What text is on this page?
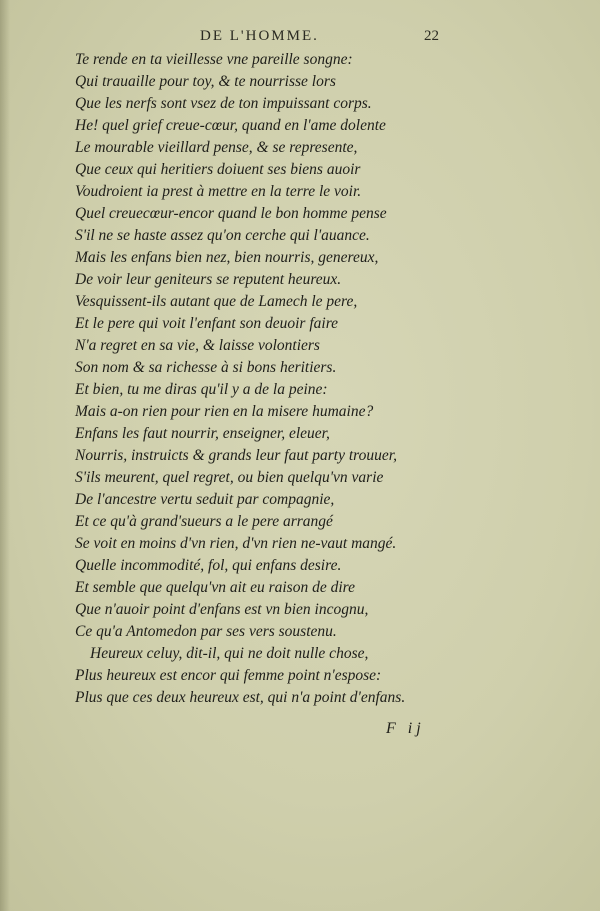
DE L'HOMME.	22
Te rende en ta vieillesse vne pareille songne:
Qui trauaille pour toy, & te nourrisse lors
Que les nerfs sont vsez de ton impuissant corps.
He! quel grief creue-cœur, quand en l'ame dolente
Le mourable vieillard pense, & se represente,
Que ceux qui heritiers doiuent ses biens auoir
Voudroient ia prest à mettre en la terre le voir.
Quel creuecœur-encor quand le bon homme pense
S'il ne se haste assez qu'on cerche qui l'auance.
Mais les enfans bien nez, bien nourris, genereux,
De voir leur geniteurs se reputent heureux.
Vesquissent-ils autant que de Lamech le pere,
Et le pere qui voit l'enfant son deuoir faire
N'a regret en sa vie, & laisse volontiers
Son nom & sa richesse à si bons heritiers.
Et bien, tu me diras qu'il y a de la peine:
Mais a-on rien pour rien en la misere humaine?
Enfans les faut nourrir, enseigner, eleuer,
Nourris, instruicts & grands leur faut party trouuer,
S'ils meurent, quel regret, ou bien quelqu'vn varie
De l'ancestre vertu seduit par compagnie,
Et ce qu'à grand'sueurs a le pere arrangé
Se voit en moins d'vn rien, d'vn rien ne-vaut mangé.
Quelle incommodité, fol, qui enfans desire.
Et semble que quelqu'vn ait eu raison de dire
Que n'auoir point d'enfans est vn bien incognu,
Ce qu'a Antomedon par ses vers soustenu.
Heureux celuy, dit-il, qui ne doit nulle chose,
Plus heureux est encor qui femme point n'espose:
Plus que ces deux heureux est, qui n'a point d'enfans.
F ij
